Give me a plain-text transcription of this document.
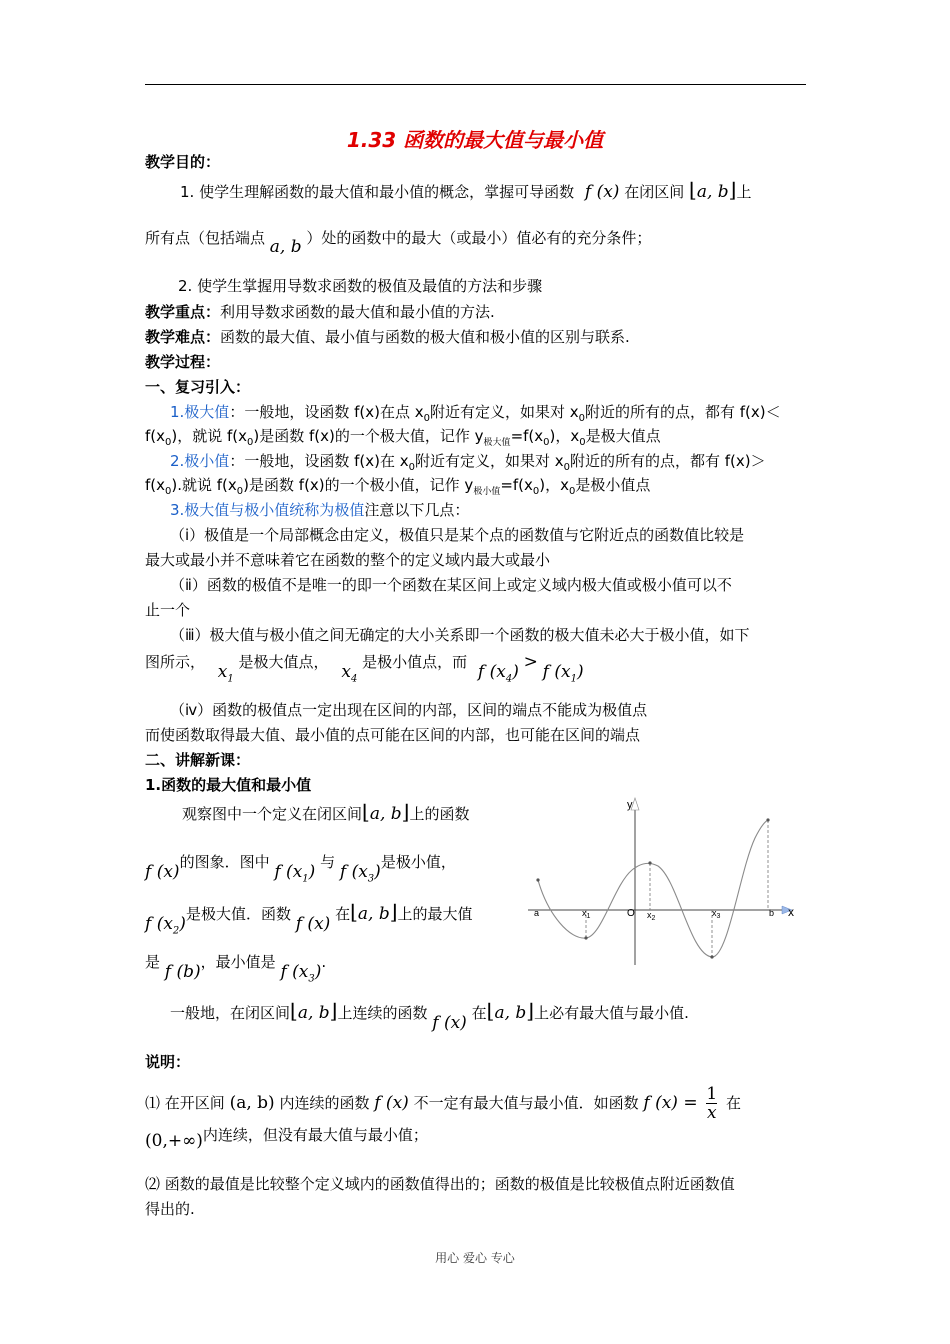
1.33 函数的最大值与最小值
教学目的：
1. 使学生理解函数的最大值和最小值的概念，掌握可导函数 f (x) 在闭区间 ⌊a, b⌋上
所有点（包括端点 a, b ）处的函数中的最大（或最小）值必有的充分条件；
2. 使学生掌握用导数求函数的极值及最值的方法和步骤
教学重点：利用导数求函数的最大值和最小值的方法.
教学难点：函数的最大值、最小值与函数的极大值和极小值的区别与联系.
教学过程：
一、复习引入：
1.极大值：一般地，设函数 f(x)在点 $x_0$附近有定义，如果对 $x_0$附近的所有的点，都有 f(x)＜
$f(x_0)$，就说 $f(x_0)$是函数 f(x)的一个极大值，记作 $y_{极大值}=f(x_0)$，$x_0$是极大值点
2.极小值：一般地，设函数 f(x)在 $x_0$附近有定义，如果对 $x_0$附近的所有的点，都有 f(x)＞
$f(x_0)$.就说 $f(x_0)$是函数 f(x)的一个极小值，记作 $y_{极小值}=f(x_0)$，$x_0$是极小值点
3.极大值与极小值统称为极值注意以下几点：
（ⅰ）极值是一个局部概念由定义，极值只是某个点的函数值与它附近点的函数值比较是
最大或最小并不意味着它在函数的整个的定义域内最大或最小
（ⅱ）函数的极值不是唯一的即一个函数在某区间上或定义域内极大值或极小值可以不
止一个
（ⅲ）极大值与极小值之间无确定的大小关系即一个函数的极大值未必大于极小值，如下
图所示， $x_1$ 是极大值点， $x_4$ 是极小值点，而 f $(x_4) > f$ $(x_1)$
（ⅳ）函数的极值点一定出现在区间的内部，区间的端点不能成为极值点
而使函数取得最大值、最小值的点可能在区间的内部，也可能在区间的端点
二、讲解新课：
1.函数的最大值和最小值
观察图中一个定义在闭区间⌊a, b⌋上的函数
f (x)的图象．图中 f $(x_1)$ 与 f $(x_3)$是极小值，
f $(x_2)$是极大值．函数 f (x) 在⌊a, b⌋上的最大值
是 f (b)，最小值是 f $(x_3)$.
一般地，在闭区间⌊a, b⌋上连续的函数 f (x) 在⌊a, b⌋上必有最大值与最小值.
说明：
⑴ 在开区间 (a, b) 内连续的函数 f (x) 不一定有最大值与最小值．如函数 f $(x) = \frac{1}{x}$ 在
(0,+∞)内连续，但没有最大值与最小值；
⑵ 函数的最值是比较整个定义域内的函数值得出的；函数的极值是比较极值点附近函数值
得出的.
y
x
a	$x_1$	O $x_2$
$x_3$	b
用心 爱心 专心
